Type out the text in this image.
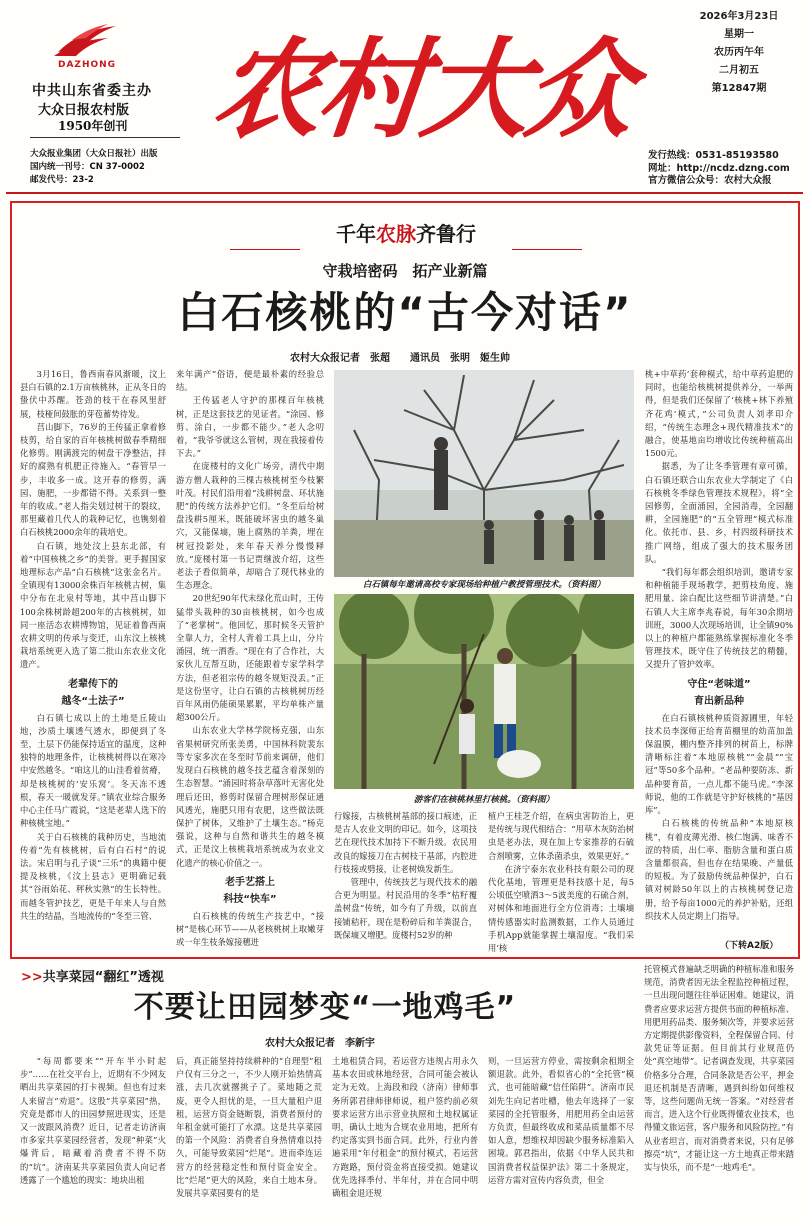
DAZHONG
中共山东省委主办
大众日报农村版
1950年创刊
大众报业集团（大众日报社）出版
国内统一刊号：CN 37-0002
邮发代号：23-2
农村大众
2026年3月23日
星期一
农历丙午年
二月初五
第12847期
发行热线：0531-85193580
网址：http://ncdz.dzng.com
官方微信公众号：农村大众报
千年农脉齐鲁行
守栽培密码　拓产业新篇
白石核桃的“古今对话”
农村大众报记者　张超　　通讯员　张明　姬生帅

3月16日，鲁西南春风渐暖，汶上县白石镇的2.1万亩核桃林，正从冬日的蛰伏中苏醒。苍劲的枝干在春风里舒展，枝桠间鼓胀的芽苞蓄势待发。

莒山脚下，76岁的王传猛正拿着修枝剪，给自家的百年核桃树做春季精细化修剪。刚满渡完的树盘干净整洁，拌好的腐熟有机肥正待施入。“春管早一步，丰收多一成。这开春的修剪，满园、施肥，一步都错不得。关系到一整年的收成。”老人指尖划过树干的裂纹，那里藏着几代人的栽种记忆，也镌刻着白石核桃2000余年的栽培史。

白石镇，地处汶上县东北部，有着“中国核桃之乡”的美誉。更手握国家地理标志产品“白石核桃”这张金名片。全镇现有13000余株百年核桃古树，集中分布在北泉村等地，其中莒山脚下100余株树龄超200年的古核桃树，如同一座活态农耕博物馆，见证着鲁西南农耕文明的传承与变迁，山东汶上核桃栽培系统更入选了第二批山东农业文化遗产。

老辈传下的
越冬“土法子”

白石镇七成以上的土地是丘陵山地，沙质土壤透气透水，即便到了冬至，土层下仍能保持适宜的温度，这种独特的地理条件，让核桃树得以在寒冷中安然越冬。“咱这儿的山洼看着贫瘠，却是核桃树的‘安乐窝’。冬天冻不透根，春天一暖就发芽。”镇农业综合服务中心主任马广霞说，“这是老辈人选下的种核桃宝地。”

关于白石核桃的栽种历史，当地流传着“先有核桃树，后有白石村”的说法。宋启明与孔子谈“三乐”的典籍中便提及核桃，《汶上县志》更明确记载其“谷雨始花、秤秋实熟”的生长特性。而越冬管护技艺，更是千年来人与自然共生的结晶，当地流传的“冬至三管、

来年满产”俗语，便是最朴素的经验总结。

王传猛老人守护的那棵百年核桃树，正是这套技艺的见证者。“涂园、修剪、涂白，一步都不能少。”老人念叨着，“我爷爷就这么管树，现在我接着传下去。”

在庞楼村的文化广场旁，清代中期游方僧人栽种的三棵古核桃树至今枝繁叶茂。村民们沿用着“浅耕树盘、环状施肥”的传统方法养护它们。“冬至后给树盘浅耕5厘米，既能破坏害虫的越冬巢穴，又能保墒，施上腐熟的羊粪，埋在树冠投影处，来年春天养分慢慢释放。”庞楼村第一书记贾继波介绍，这些老法子看似简单，却暗合了现代林业的生态理念。

20世纪90年代末绿化荒山时，王传猛带头栽种的30亩核桃树，如今也成了“老掌树”。他回忆，那时候冬天管护全靠人力，全村人背着工具上山，分片涌园，统一洒香。“现在有了合作社，大家伙儿互帮互助，还能跟着专家学科学方法，但老祖宗传的越冬规矩没丢。”正是这份坚守，让白石镇的古核桃树历经百年风雨仍能硕果累累，平均单株产量超300公斤。

山东农业大学林学院杨克强，山东省果树研究所张美勇，中国林科院裴东等专家多次在冬至时节前来调研，他们发现白石核桃的越冬技艺蕴含着深刻的生态智慧。“涌园时将杂草落叶无害化处理后还田，修剪时保留合理树形保证通风透光，施肥只用有农肥，这些做法既保护了树体，又维护了土壤生态。”杨克强说，这种与自然和谐共生的越冬模式，正是汶上核桃栽培系统成为农业文化遗产的核心价值之一。

老手艺搭上
科技“快车”

白石核桃的传统生产技艺中，“接树”是核心环节——从老核桃树上取嫩芽或一年生枝条嫁接穗进

白石镇每年邀请高校专家现场给种植户教授管理技术。（资料图）
游客们在核桃林里打核桃。（资料图）

行嫁接，古核桃树基部的接口痕迹，正是古人农业文明的印记。如今，这项技艺在现代技术加持下不断升级。农民用改良的嫁接刀在古树枝干基部，内腔进行枝接或劈接，让老树焕发新生。

管理中，传统技艺与现代技术的融合更为明显。村民沿用的冬季“枯籽覆盖树盘”传统，如今有了升级，以前直接铺秸秆，现在是粉碎后和羊粪混合，既保墒又增肥。庞楼村52岁的种

植户王桂芝介绍，在病虫害防治上，更是传统与现代相结合：“用草木灰防治树虫是老办法，现在加上专家推荐的石硫合剂喷雾，立体杀菌杀虫，效果更好。”

在济宁泰东农业科技有限公司的现代化基地，管理更是科技感十足，每5公顷低空喷洒3～5波美度的石硫合剂，对树体和地面进行全方位消毒；土壤墒情传感器实时监测数据，工作人员通过手机App就能掌握土壤湿度。“我们采用‘核

桃+中草药’套种模式，给中草药追肥的同时，也能给核桃树提供养分，一举两得，但是我们还保留了‘核桃+林下养殖齐花鸡’模式，”公司负责人刘孝印介绍，“传统生态理念+现代精准技术”的融合，使基地亩均增收比传统种植高出1500元。

据悉，为了让冬季管理有章可循，白石镇还联合山东农业大学制定了《白石核桃冬季绿色管理技术规程》，将“全园修剪，全面涌园，全园消毒，全园翻耕，全园施肥”的“五全管理”模式标准化。依托市、县、乡，村四级科研技术推广网络，组成了强大的技术服务团队。

“我们每年都会组织培训，邀请专家和种植能手现场教学，把剪枝角度、施肥用量、涂白配比这些细节讲清楚。”白石镇人大主席李兆春说，每年30余期培训班，3000人次现场培训，让全镇90%以上的种植户都能熟练掌握标准化冬季管理技术，既守住了传统技艺的精髓，又提升了管护效率。

守住“老味道”
育出新品种

在白石镇核桃种质资源圃里，年轻技术员李深师正给育苗棚里的幼苗加盖保温膜，棚内整齐排列的树苗上，标牌清晰标注着“本地原核桃”“金晨”“宝冠”等50多个品种。“老品种要防冻、新品种要育苗，一点儿都不能马虎。”李深师说，他的工作就是守护好核桃的“基因库”。

白石核桃的传统品种“本地原核桃”，有着皮薄光滑、核仁饱满、味香不涩的特质，出仁率、脂肪含量和蛋白质含量都很高，但也存在结果晚、产量低的短板。为了鼓励传统品种保护，白石镇对树龄50年以上的古核桃树登记造册，给予每亩1000元的养护补贴，还组织技术人员定期上门指导。

（下转A2版）
>>共享菜园“翻红”透视
不要让田园梦变“一地鸡毛”
农村大众报记者　李新宇

“每周都要来”“开车半小时起步”……在社交平台上，近期有不少网友晒出共享菜园的打卡视频。但也有过来人来留言“劝退”。这股“共享菜园”热，究竟是都市人的田园梦照进现实，还是又一波跟风消费？近日，记者走访济南市多家共享菜园经营者，发现“种菜”火爆背后，暗藏着消费者不得不防的“坑”。济南某共享菜园负责人向记者透露了一个尴尬的现实：地块出租

后，真正能坚持持续耕种的“自理型”租户仅有三分之一，不少人刚开始热情高涨，去几次就撂挑子了。菜地随之荒废，更令人担忧的是，一旦大量租户退租，运营方资金链断裂，消费者预付的年租金就可能打了水漂。这是共享菜园的第一个风险：消费者自身热情难以持久，可能导致菜园“烂尾”。进而牵连运营方的经营稳定性和预付资金安全。比“烂尾”更大的风险，来自土地本身。发展共享菜园要有的是

土地租赁合同，若运营方违规占用永久基本农田或林地经营，合同可能会被认定为无效。上海段和段（济南）律师事务所郭君律师律师说，租户签约前必须要求运营方出示营业执照和土地权属证明，确认土地为合规农业用地，把所有约定落实到书面合同。此外，行业内普遍采用“年付租金”的预付模式，若运营方跑路，预付资金将直接受损。她建议优先选择季付、半年付，并在合同中明确租金退还规

则，一旦运营方停业，需按剩余租期全额退款。此外，看似省心的“全托管”模式，也可能暗藏“信任陷阱”。济南市民刘先生向记者吐槽，他去年选择了一家菜园的全托管服务，用肥用药全由运营方负责，但最终收成和菜品质量都不尽如人意，想维权却因缺少服务标准陷入困境。郭君指出，依据《中华人民共和国消费者权益保护法》第二十条规定，运营方需对宣传内容负责，但全

托管模式普遍缺乏明确的种植标准和服务规范，消费者因无法全程监控种植过程，一旦出现问题往往举证困难。她建议，消费者应要求运营方提供书面的种植标准、用肥用药品类、服务频次等，并要求运营方定期提供影像资料，全程保留合同、付款凭证等证据。但目前其行业规范仍处“真空地带”。记者调查发现，共享菜园价格多分合理，合同条款是否公平，押金退还机制是否清晰，遇到纠纷如何维权等，这些问题尚无统一答案。“对经营者而言，进入这个行业既得懂农业技术，也得懂文旅运营，客户服务和风险防控。”有从业者坦言，而对消费者来说，只有足够擦亮“坑”，才能让这一方土地真正带来踏实与快乐，而不是“一地鸡毛”。
